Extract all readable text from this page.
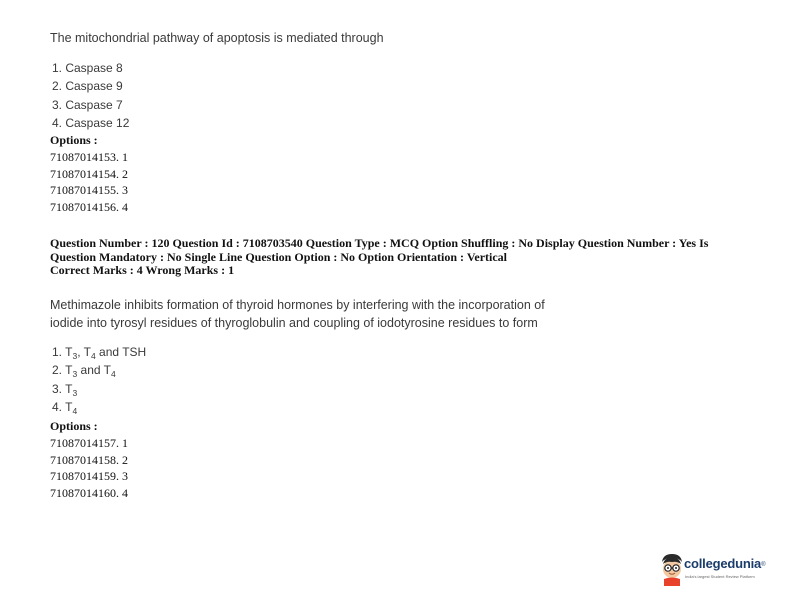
The mitochondrial pathway of apoptosis is mediated through
1. Caspase 8
2. Caspase 9
3. Caspase 7
4. Caspase 12
Options :
71087014153. 1
71087014154. 2
71087014155. 3
71087014156. 4
Question Number : 120 Question Id : 7108703540 Question Type : MCQ Option Shuffling : No Display Question Number : Yes Is
Question Mandatory : No Single Line Question Option : No Option Orientation : Vertical
Correct Marks : 4 Wrong Marks : 1
Methimazole inhibits formation of thyroid hormones by interfering with the incorporation of
iodide into tyrosyl residues of thyroglobulin and coupling of iodotyrosine residues to form
1. $T_3$, $T_4$ and TSH
2. $T_3$ and $T_4$
3. $T_3$
4. $T_4$
Options :
71087014157. 1
71087014158. 2
71087014159. 3
71087014160. 4
collegedunia®
India's largest Student Review Platform
